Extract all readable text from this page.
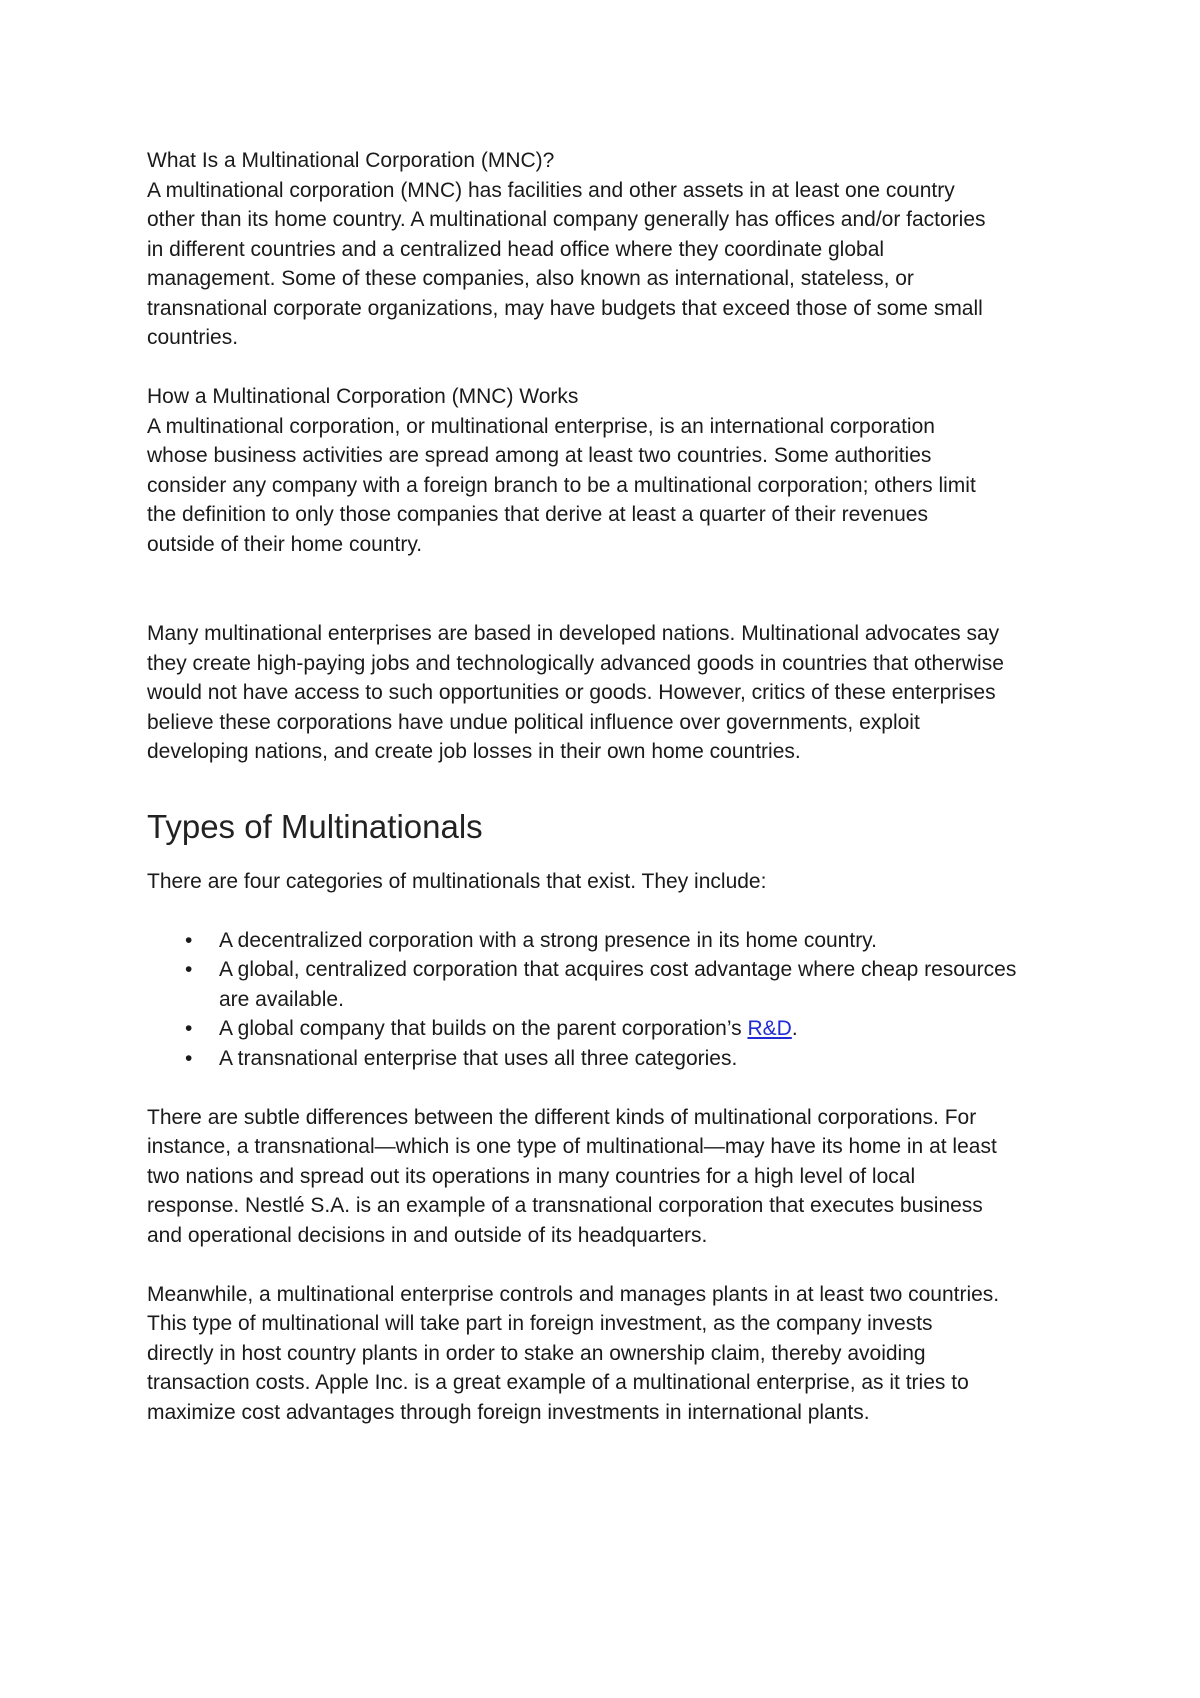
What Is a Multinational Corporation (MNC)?
A multinational corporation (MNC) has facilities and other assets in at least one country
other than its home country. A multinational company generally has offices and/or factories
in different countries and a centralized head office where they coordinate global
management. Some of these companies, also known as international, stateless, or
transnational corporate organizations, may have budgets that exceed those of some small
countries.

How a Multinational Corporation (MNC) Works
A multinational corporation, or multinational enterprise, is an international corporation
whose business activities are spread among at least two countries. Some authorities
consider any company with a foreign branch to be a multinational corporation; others limit
the definition to only those companies that derive at least a quarter of their revenues
outside of their home country.

Many multinational enterprises are based in developed nations. Multinational advocates say
they create high-paying jobs and technologically advanced goods in countries that otherwise
would not have access to such opportunities or goods. However, critics of these enterprises
believe these corporations have undue political influence over governments, exploit
developing nations, and create job losses in their own home countries.

Types of Multinationals

There are four categories of multinationals that exist. They include:

• A decentralized corporation with a strong presence in its home country.
• A global, centralized corporation that acquires cost advantage where cheap resources
are available.
• A global company that builds on the parent corporation’s R&D.
• A transnational enterprise that uses all three categories.

There are subtle differences between the different kinds of multinational corporations. For
instance, a transnational—which is one type of multinational—may have its home in at least
two nations and spread out its operations in many countries for a high level of local
response. Nestlé S.A. is an example of a transnational corporation that executes business
and operational decisions in and outside of its headquarters.

Meanwhile, a multinational enterprise controls and manages plants in at least two countries.
This type of multinational will take part in foreign investment, as the company invests
directly in host country plants in order to stake an ownership claim, thereby avoiding
transaction costs. Apple Inc. is a great example of a multinational enterprise, as it tries to
maximize cost advantages through foreign investments in international plants.
